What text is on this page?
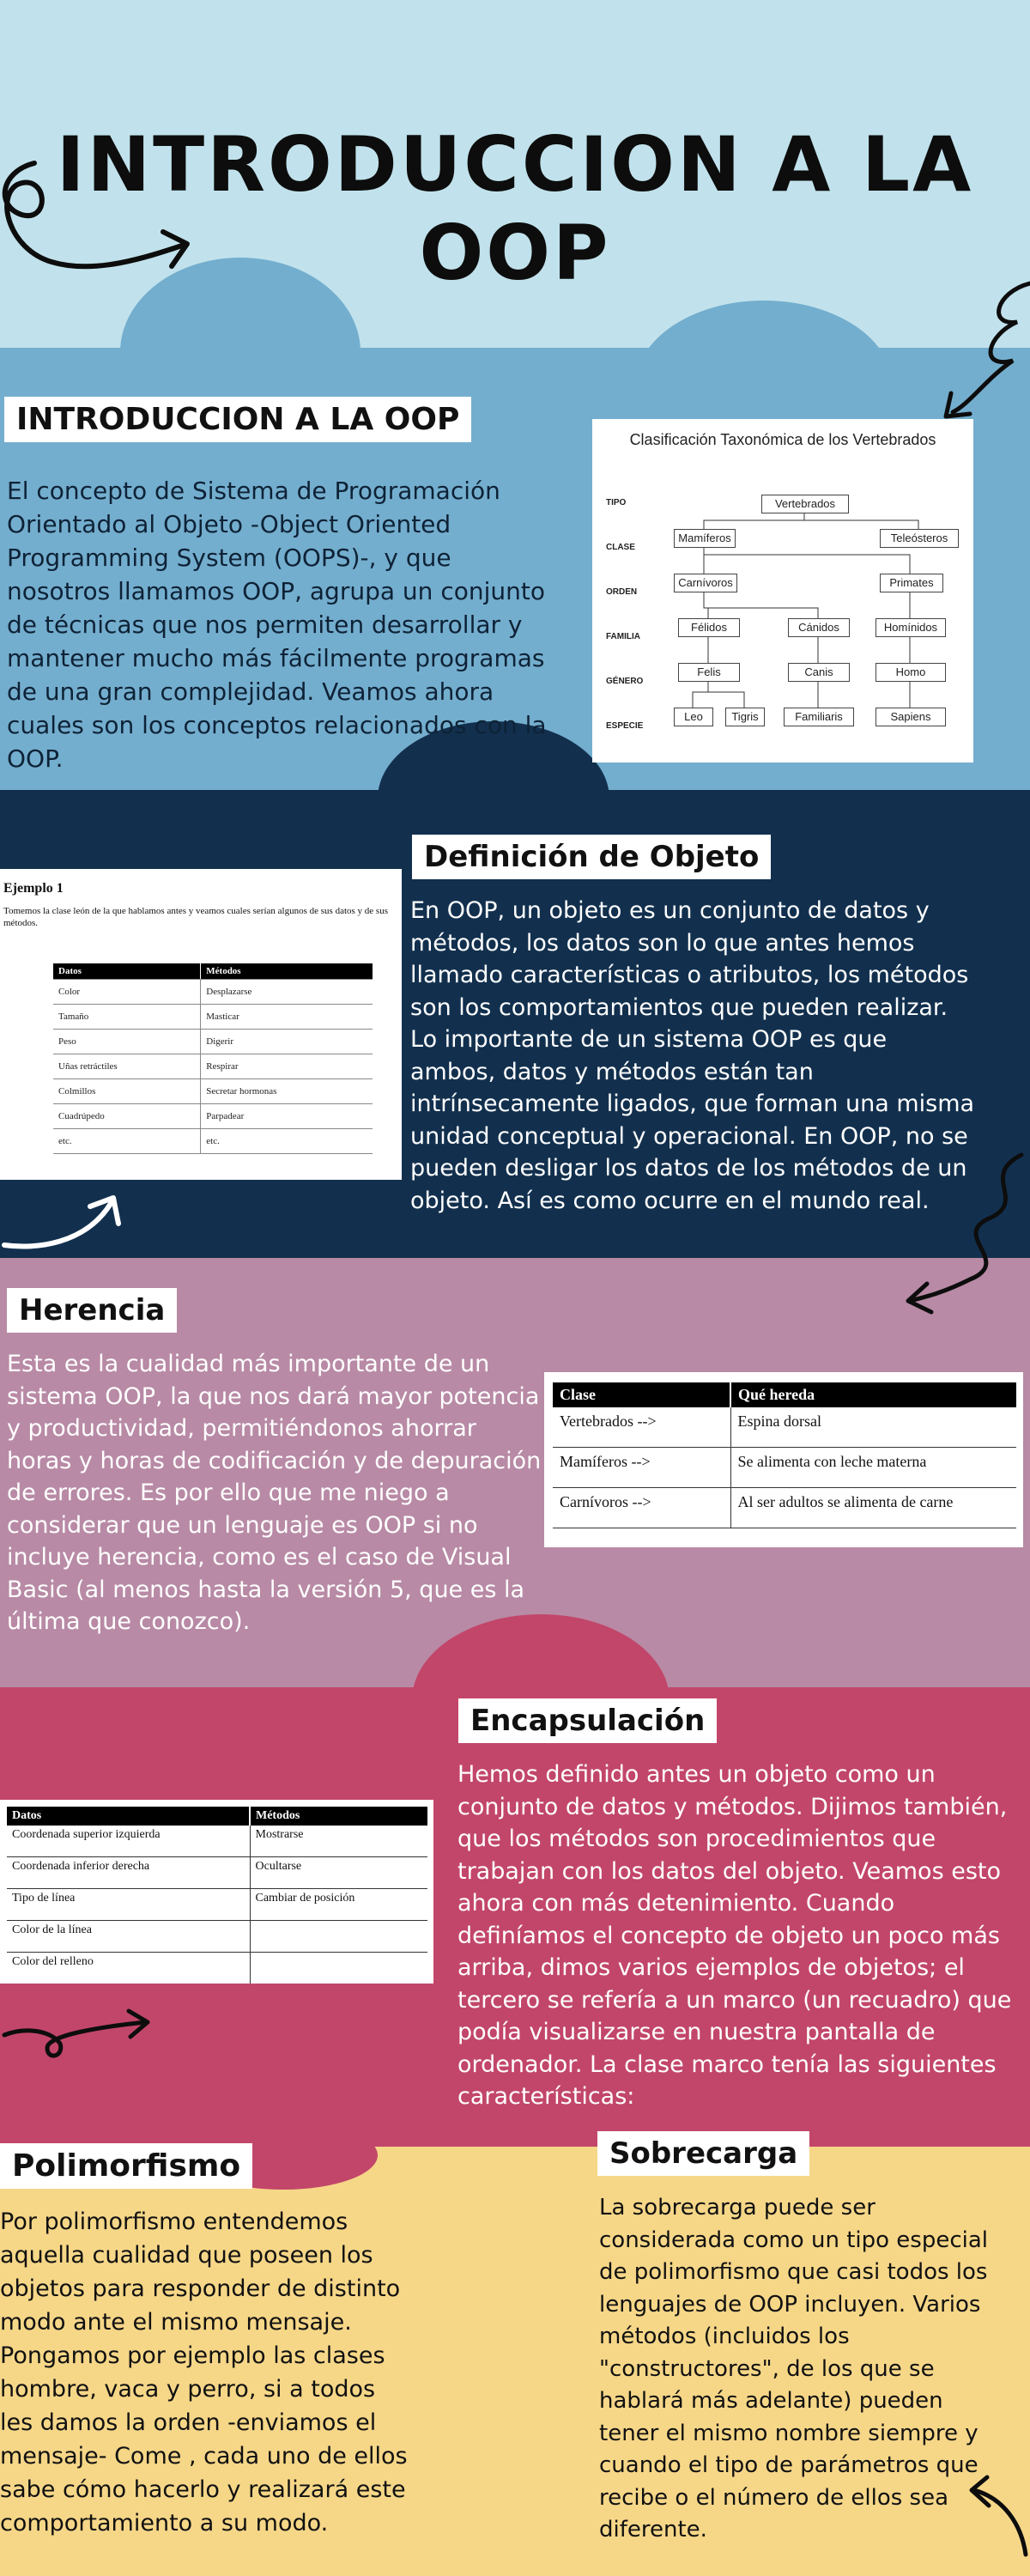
INTRODUCCION A LA OOP
INTRODUCCION A LA OOP

El concepto de Sistema de Programación Orientado al Objeto -Object Oriented Programming System (OOPS)-, y que nosotros llamamos OOP, agrupa un conjunto de técnicas que nos permiten desarrollar y mantener mucho más fácilmente programas de una gran complejidad. Veamos ahora cuales son los conceptos relacionados con la OOP.

Clasificación Taxonómica de los Vertebrados
TIPO
CLASE
ORDEN
FAMILIA
GÉNERO
ESPECIE
Vertebrados
Mamíferos	Teleósteros
Carnívoros	Primates
Félidos	Cánidos	Homínidos
Felis	Canis	Homo
Leo	Tigris	Familiaris	Sapiens
Ejemplo 1
Tomemos la clase león de la que hablamos antes y veamos cuales serían algunos de sus datos y de sus métodos.
Datos	Métodos
Color	Desplazarse
Tamaño	Masticar
Peso	Digerir
Uñas retráctiles	Respirar
Colmillos	Secretar hormonas
Cuadrúpedo	Parpadear
etc.	etc.
Definición de Objeto

En OOP, un objeto es un conjunto de datos y métodos, los datos son lo que antes hemos llamado características o atributos, los métodos son los comportamientos que pueden realizar. Lo importante de un sistema OOP es que ambos, datos y métodos están tan intrínsecamente ligados, que forman una misma unidad conceptual y operacional. En OOP, no se pueden desligar los datos de los métodos de un objeto. Así es como ocurre en el mundo real.

Herencia

Esta es la cualidad más importante de un sistema OOP, la que nos dará mayor potencia y productividad, permitiéndonos ahorrar horas y horas de codificación y de depuración de errores. Es por ello que me niego a considerar que un lenguaje es OOP si no incluye herencia, como es el caso de Visual Basic (al menos hasta la versión 5, que es la última que conozco).

Clase	Qué hereda
Vertebrados -->	Espina dorsal
Mamíferos -->	Se alimenta con leche materna
Carnívoros -->	Al ser adultos se alimenta de carne
Encapsulación

Hemos definido antes un objeto como un conjunto de datos y métodos. Dijimos también, que los métodos son procedimientos que trabajan con los datos del objeto. Veamos esto ahora con más detenimiento. Cuando definíamos el concepto de objeto un poco más arriba, dimos varios ejemplos de objetos; el tercero se refería a un marco (un recuadro) que podía visualizarse en nuestra pantalla de ordenador. La clase marco tenía las siguientes características:

Datos	Métodos
Coordenada superior izquierda	Mostrarse
Coordenada inferior derecha	Ocultarse
Tipo de línea	Cambiar de posición
Color de la línea	
Color del relleno	
Polimorfismo

Por polimorfismo entendemos aquella cualidad que poseen los objetos para responder de distinto modo ante el mismo mensaje. Pongamos por ejemplo las clases hombre, vaca y perro, si a todos les damos la orden -enviamos el mensaje- Come , cada uno de ellos sabe cómo hacerlo y realizará este comportamiento a su modo.

Sobrecarga

La sobrecarga puede ser considerada como un tipo especial de polimorfismo que casi todos los lenguajes de OOP incluyen. Varios métodos (incluidos los "constructores", de los que se hablará más adelante) pueden tener el mismo nombre siempre y cuando el tipo de parámetros que recibe o el número de ellos sea diferente.
